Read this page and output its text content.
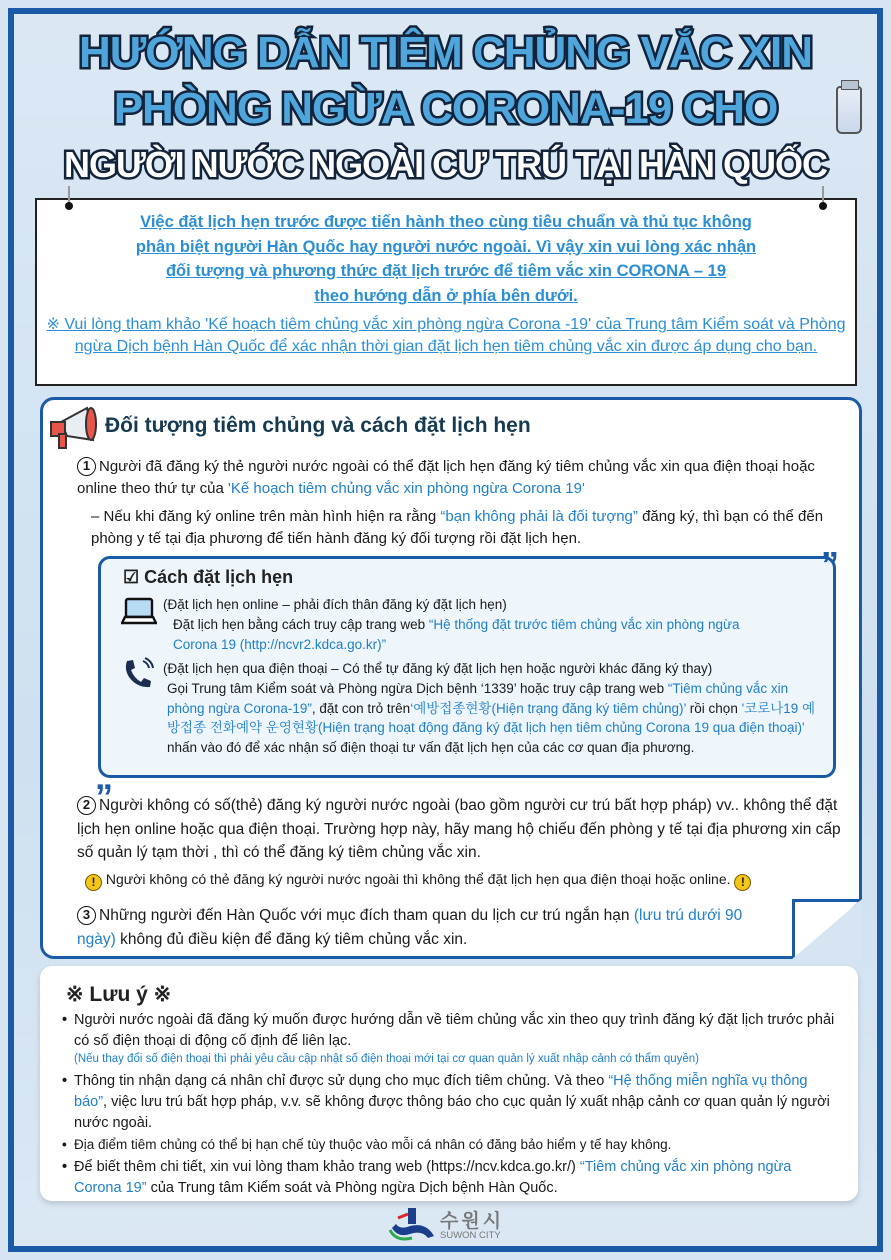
HƯỚNG DẪN TIÊM CHỦNG VẮC XIN
PHÒNG NGỪA CORONA-19 CHO
NGƯỜI NƯỚC NGOÀI CƯ TRÚ TẠI HÀN QUỐC
Việc đặt lịch hẹn trước được tiến hành theo cùng tiêu chuẩn và thủ tục không
phân biệt người Hàn Quốc hay người nước ngoài. Vì vậy xin vui lòng xác nhận
đối tượng và phương thức đặt lịch trước để tiêm vắc xin CORONA – 19
theo hướng dẫn ở phía bên dưới.
※ Vui lòng tham khảo 'Kế hoạch tiêm chủng vắc xin phòng ngừa Corona -19' của Trung tâm Kiểm soát và Phòng ngừa Dịch bệnh Hàn Quốc để xác nhận thời gian đặt lịch hẹn tiêm chủng vắc xin được áp dụng cho bạn.
Đối tượng tiêm chủng và cách đặt lịch hẹn
1 Người đã đăng ký thẻ người nước ngoài có thể đặt lịch hẹn đăng ký tiêm chủng vắc xin qua điện thoại hoặc online theo thứ tự của 'Kế hoạch tiêm chủng vắc xin phòng ngừa Corona 19'
– Nếu khi đăng ký online trên màn hình hiện ra rằng “bạn không phải là đối tượng” đăng ký, thì bạn có thể đến phòng y tế tại địa phương để tiến hành đăng ký đối tượng rồi đặt lịch hẹn.
”
„
☑ Cách đặt lịch hẹn
(Đặt lịch hẹn online – phải đích thân đăng ký đặt lịch hẹn)
Đặt lịch hẹn bằng cách truy cập trang web “Hệ thống đặt trước tiêm chủng vắc xin phòng ngừa Corona 19 (http://ncvr2.kdca.go.kr)”
(Đặt lịch hẹn qua điện thoại – Có thể tự đăng ký đặt lịch hẹn hoặc người khác đăng ký thay)
Gọi Trung tâm Kiểm soát và Phòng ngừa Dịch bệnh ‘1339’ hoặc truy cập trang web “Tiêm chủng vắc xin phòng ngừa Corona-19”, đặt con trỏ trên‘예방접종현황(Hiện trạng đăng ký tiêm chủng)’ rồi chọn '코로나19 예방접종 전화예약 운영현황(Hiện trạng hoạt động đăng ký đặt lịch hẹn tiêm chủng Corona 19 qua điện thoại)' nhấn vào đó để xác nhận số điện thoại tư vấn đặt lịch hẹn của các cơ quan địa phương.
2 Người không có số(thẻ) đăng ký người nước ngoài (bao gồm người cư trú bất hợp pháp) vv.. không thể đặt lịch hẹn online hoặc qua điện thoại. Trường hợp này, hãy mang hộ chiếu đến phòng y tế tại địa phương xin cấp số quản lý tạm thời , thì có thể đăng ký tiêm chủng vắc xin.
! Người không có thẻ đăng ký người nước ngoài thì không thể đặt lịch hẹn qua điện thoại hoặc online. !
3 Những người đến Hàn Quốc với mục đích tham quan du lịch cư trú ngắn hạn (lưu trú dưới 90 ngày) không đủ điều kiện để đăng ký tiêm chủng vắc xin.
※ Lưu ý ※
• Người nước ngoài đã đăng ký muốn được hướng dẫn về tiêm chủng vắc xin theo quy trình đăng ký đặt lịch trước phải có số điện thoại di động cố định để liên lạc.
(Nếu thay đổi số điện thoại thì phải yêu cầu cập nhật số điện thoại mới tại cơ quan quản lý xuất nhập cảnh có thẩm quyền)
• Thông tin nhận dạng cá nhân chỉ được sử dụng cho mục đích tiêm chủng. Và theo “Hệ thống miễn nghĩa vụ thông báo”, việc lưu trú bất hợp pháp, v.v. sẽ không được thông báo cho cục quản lý xuất nhập cảnh cơ quan quản lý người nước ngoài.
• Địa điểm tiêm chủng có thể bị hạn chế tùy thuộc vào mỗi cá nhân có đăng bảo hiểm y tế hay không.
• Để biết thêm chi tiết, xin vui lòng tham khảo trang web (https://ncv.kdca.go.kr/) “Tiêm chủng vắc xin phòng ngừa Corona 19” của Trung tâm Kiểm soát và Phòng ngừa Dịch bệnh Hàn Quốc.
수원시
SUWON CITY
